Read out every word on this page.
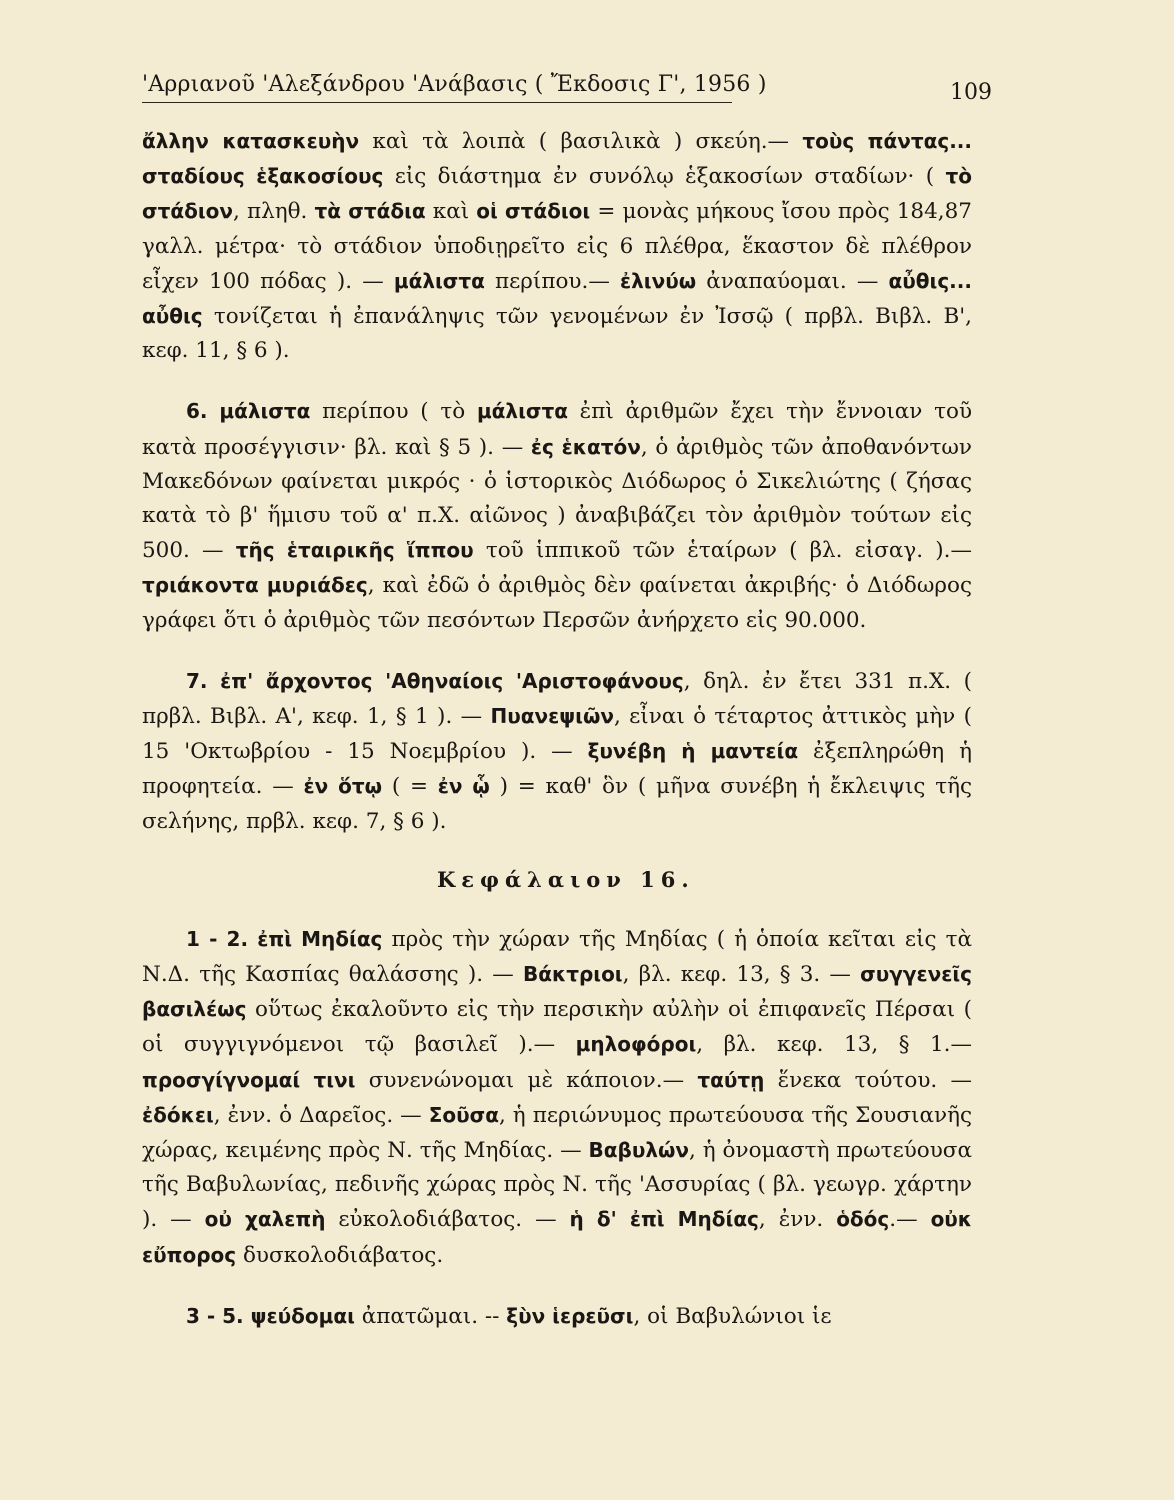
'Αρριανοῦ 'Αλεξάνδρου 'Ανάβασις ( Ἔκδοσις Γ', 1956 )	109

ἄλλην κατασκευὴν καὶ τὰ λοιπὰ ( βασιλικὰ ) σκεύη.— τοὺς πάντας... σταδίους ἑξακοσίους εἰς διάστημα ἐν συνόλῳ ἑξακοσίων σταδίων· ( τὸ στάδιον, πληθ. τὰ στάδια καὶ οἱ στάδιοι = μονὰς μήκους ἴσου πρὸς 184,87 γαλλ. μέτρα· τὸ στάδιον ὑποδιῃρεῖτο εἰς 6 πλέθρα, ἕκαστον δὲ πλέθρον εἶχεν 100 πόδας ). — μάλιστα περίπου.— ἐλινύω ἀναπαύομαι. — αὖθις... αὖθις τονίζεται ἡ ἐπανάληψις τῶν γενομένων ἐν Ἰσσῷ ( πρβλ. Βιβλ. Β', κεφ. 11, § 6 ).

6. μάλιστα περίπου ( τὸ μάλιστα ἐπὶ ἀριθμῶν ἔχει τὴν ἔννοιαν τοῦ κατὰ προσέγγισιν· βλ. καὶ § 5 ). — ἐς ἑκατόν, ὁ ἀριθμὸς τῶν ἀποθανόντων Μακεδόνων φαίνεται μικρός · ὁ ἱστορικὸς Διόδωρος ὁ Σικελιώτης ( ζήσας κατὰ τὸ β' ἥμισυ τοῦ α' π.Χ. αἰῶνος ) ἀναβιβάζει τὸν ἀριθμὸν τούτων εἰς 500. — τῆς ἑταιρικῆς ἵππου τοῦ ἱππικοῦ τῶν ἑταίρων ( βλ. εἰσαγ. ).— τριάκοντα μυριάδες, καὶ ἐδῶ ὁ ἀριθμὸς δὲν φαίνεται ἀκριβής· ὁ Διόδωρος γράφει ὅτι ὁ ἀριθμὸς τῶν πεσόντων Περσῶν ἀνήρχετο εἰς 90.000.

7. ἐπ' ἄρχοντος 'Αθηναίοις 'Αριστοφάνους, δηλ. ἐν ἔτει 331 π.Χ. ( πρβλ. Βιβλ. Α', κεφ. 1, § 1 ). — Πυανεψιῶν, εἶναι ὁ τέταρτος ἀττικὸς μὴν ( 15 'Οκτωβρίου - 15 Νοεμβρίου ). — ξυνέβη ἡ μαντεία ἐξεπληρώθη ἡ προφητεία. — ἐν ὅτῳ ( = ἐν ᾧ ) = καθ' ὃν ( μῆνα συνέβη ἡ ἔκλειψις τῆς σελήνης, πρβλ. κεφ. 7, § 6 ).

Κεφάλαιον 16.

1 - 2. ἐπὶ Μηδίας πρὸς τὴν χώραν τῆς Μηδίας ( ἡ ὁποία κεῖται εἰς τὰ Ν.Δ. τῆς Κασπίας θαλάσσης ). — Βάκτριοι, βλ. κεφ. 13, § 3. — συγγενεῖς βασιλέως οὕτως ἐκαλοῦντο εἰς τὴν περσικὴν αὐλὴν οἱ ἐπιφανεῖς Πέρσαι ( οἱ συγγιγνόμενοι τῷ βασιλεῖ ).— μηλοφόροι, βλ. κεφ. 13, § 1.— προσγίγνομαί τινι συνενώνομαι μὲ κάποιον.— ταύτῃ ἕνεκα τούτου. — ἐδόκει, ἐνν. ὁ Δαρεῖος. — Σοῦσα, ἡ περιώνυμος πρωτεύουσα τῆς Σουσιανῆς χώρας, κειμένης πρὸς Ν. τῆς Μηδίας. — Βαβυλών, ἡ ὀνομαστὴ πρωτεύουσα τῆς Βαβυλωνίας, πεδινῆς χώρας πρὸς Ν. τῆς 'Ασσυρίας ( βλ. γεωγρ. χάρτην ). — οὐ χαλεπὴ εὐκολοδιάβατος. — ἡ δ' ἐπὶ Μηδίας, ἐνν. ὁδός.— οὐκ εὔπορος δυσκολοδιάβατος.

3 - 5. ψεύδομαι ἀπατῶμαι. -- ξὺν ἱερεῦσι, οἱ Βαβυλώνιοι ἱε
